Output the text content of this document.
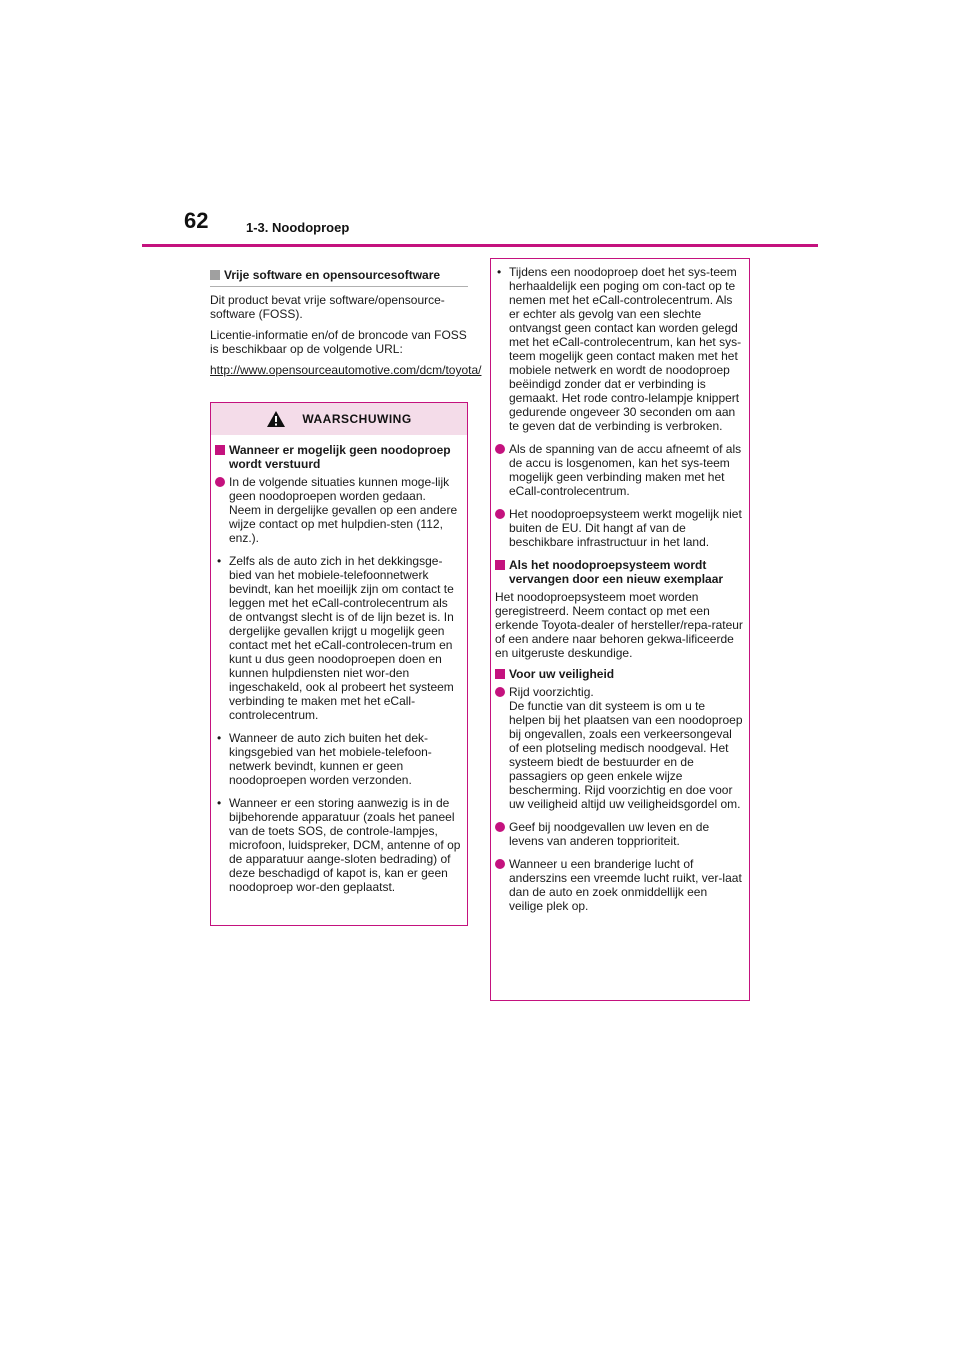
62	1-3. Noodoproep
Vrije software en opensourcesoftware

Dit product bevat vrije software/opensource-software (FOSS).

Licentie-informatie en/of de broncode van FOSS is beschikbaar op de volgende URL:

http://www.opensourceautomotive.com/dcm/toyota/
WAARSCHUWING
Wanneer er mogelijk geen noodoproep wordt verstuurd
In de volgende situaties kunnen moge-lijk geen noodoproepen worden gedaan. Neem in dergelijke gevallen op een andere wijze contact op met hulpdien-sten (112, enz.).
• Zelfs als de auto zich in het dekkingsge-bied van het mobiele-telefoonnetwerk bevindt, kan het moeilijk zijn om contact te leggen met het eCall-controlecentrum als de ontvangst slecht is of de lijn bezet is. In dergelijke gevallen krijgt u mogelijk geen contact met het eCall-controlecen-trum en kunt u dus geen noodoproepen doen en kunnen hulpdiensten niet wor-den ingeschakeld, ook al probeert het systeem verbinding te maken met het eCall-controlecentrum.
• Wanneer de auto zich buiten het dek-kingsgebied van het mobiele-telefoon-netwerk bevindt, kunnen er geen noodoproepen worden verzonden.
• Wanneer er een storing aanwezig is in de bijbehorende apparatuur (zoals het paneel van de toets SOS, de controle-lampjes, microfoon, luidspreker, DCM, antenne of op de apparatuur aange-sloten bedrading) of deze beschadigd of kapot is, kan er geen noodoproep wor-den geplaatst.
• Tijdens een noodoproep doet het sys-teem herhaaldelijk een poging om con-tact op te nemen met het eCall-controlecentrum. Als er echter als gevolg van een slechte ontvangst geen contact kan worden gelegd met het eCall-controlecentrum, kan het sys-teem mogelijk geen contact maken met het mobiele netwerk en wordt de noodoproep beëindigd zonder dat er verbinding is gemaakt. Het rode contro-lelampje knippert gedurende ongeveer 30 seconden om aan te geven dat de verbinding is verbroken.
Als de spanning van de accu afneemt of als de accu is losgenomen, kan het sys-teem mogelijk geen verbinding maken met het eCall-controlecentrum.
Het noodoproepsysteem werkt mogelijk niet buiten de EU. Dit hangt af van de beschikbare infrastructuur in het land.
Als het noodoproepsysteem wordt vervangen door een nieuw exemplaar

Het noodoproepsysteem moet worden geregistreerd. Neem contact op met een erkende Toyota-dealer of hersteller/repa-rateur of een andere naar behoren gekwa-lificeerde en uitgeruste deskundige.

Voor uw veiligheid
Rijd voorzichtig.
De functie van dit systeem is om u te helpen bij het plaatsen van een noodoproep bij ongevallen, zoals een verkeersongeval of een plotseling medisch noodgeval. Het systeem biedt de bestuurder en de passagiers op geen enkele wijze bescherming. Rijd voorzichtig en doe voor uw veiligheid altijd uw veiligheidsgordel om.
Geef bij noodgevallen uw leven en de levens van anderen topprioriteit.
Wanneer u een branderige lucht of anderszins een vreemde lucht ruikt, ver-laat dan de auto en zoek onmiddellijk een veilige plek op.
